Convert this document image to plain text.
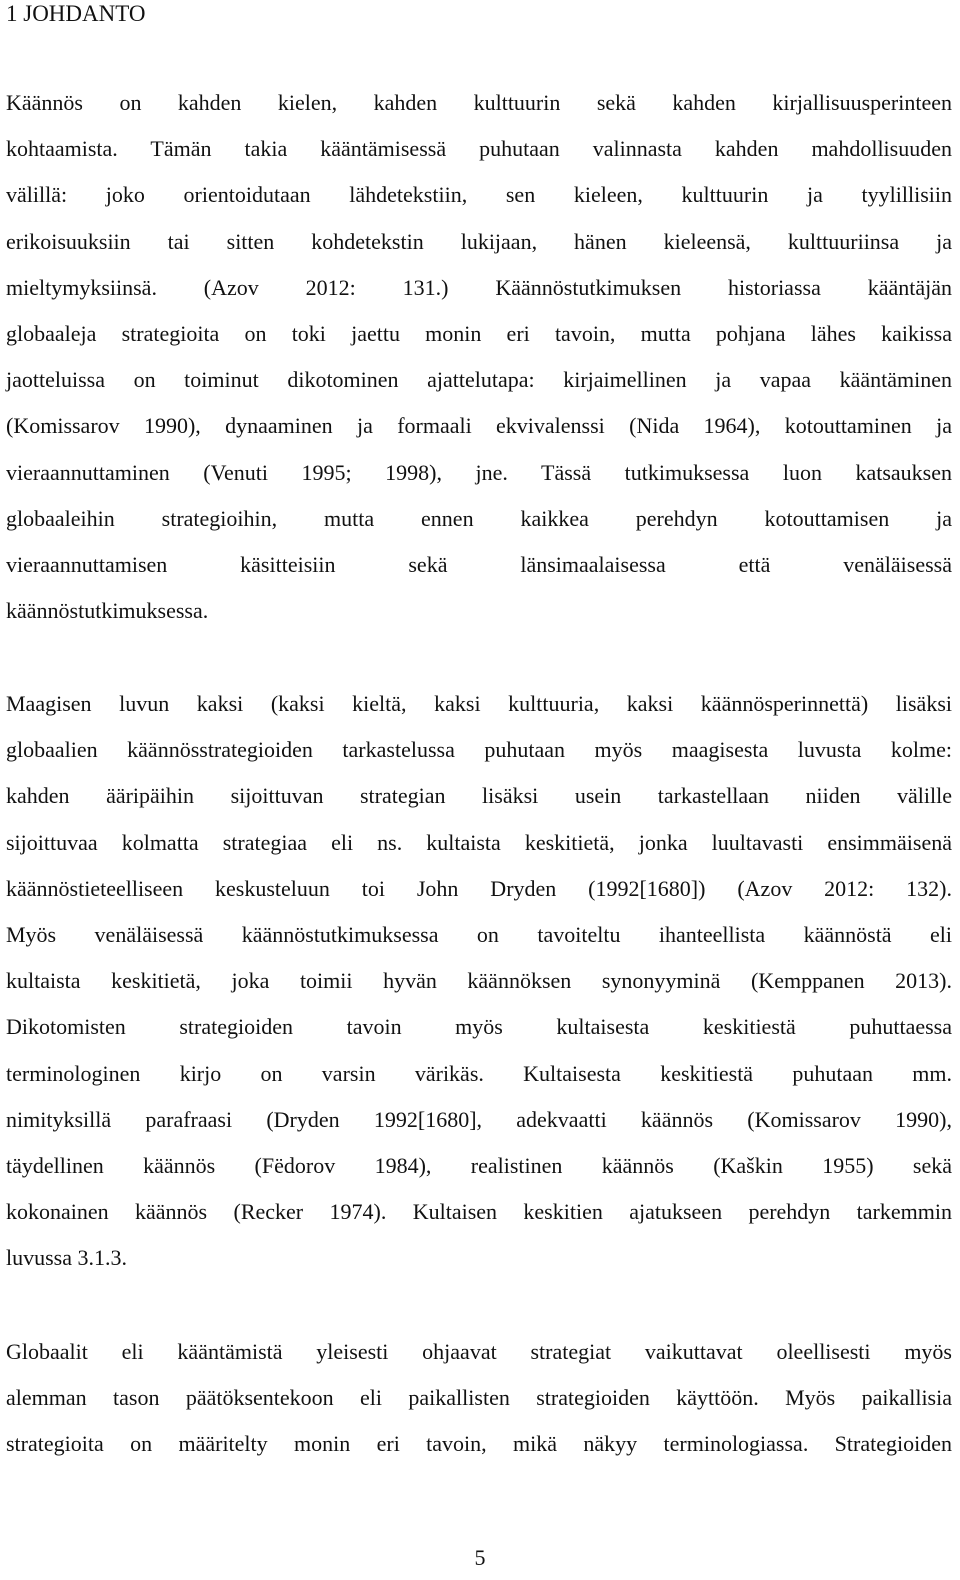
1 JOHDANTO
Käännös on kahden kielen, kahden kulttuurin sekä kahden kirjallisuusperinteen
kohtaamista. Tämän takia kääntämisessä puhutaan valinnasta kahden mahdollisuuden
välillä: joko orientoidutaan lähdetekstiin, sen kieleen, kulttuurin ja tyylillisiin
erikoisuuksiin tai sitten kohdetekstin lukijaan, hänen kieleensä, kulttuuriinsa ja
mieltymyksiinsä. (Azov 2012: 131.) Käännöstutkimuksen historiassa kääntäjän
globaaleja strategioita on toki jaettu monin eri tavoin, mutta pohjana lähes kaikissa
jaotteluissa on toiminut dikotominen ajattelutapa: kirjaimellinen ja vapaa kääntäminen
(Komissarov 1990), dynaaminen ja formaali ekvivalenssi (Nida 1964), kotouttaminen ja
vieraannuttaminen (Venuti 1995; 1998), jne. Tässä tutkimuksessa luon katsauksen
globaaleihin strategioihin, mutta ennen kaikkea perehdyn kotouttamisen ja
vieraannuttamisen käsitteisiin sekä länsimaalaisessa että venäläisessä
käännöstutkimuksessa.
Maagisen luvun kaksi (kaksi kieltä, kaksi kulttuuria, kaksi käännösperinnettä) lisäksi
globaalien käännösstrategioiden tarkastelussa puhutaan myös maagisesta luvusta kolme:
kahden ääripäihin sijoittuvan strategian lisäksi usein tarkastellaan niiden välille
sijoittuvaa kolmatta strategiaa eli ns. kultaista keskitietä, jonka luultavasti ensimmäisenä
käännöstieteelliseen keskusteluun toi John Dryden (1992[1680]) (Azov 2012: 132).
Myös venäläisessä käännöstutkimuksessa on tavoiteltu ihanteellista käännöstä eli
kultaista keskitietä, joka toimii hyvän käännöksen synonyyminä (Kemppanen 2013).
Dikotomisten strategioiden tavoin myös kultaisesta keskitiestä puhuttaessa
terminologinen kirjo on varsin värikäs. Kultaisesta keskitiestä puhutaan mm.
nimityksillä parafraasi (Dryden 1992[1680], adekvaatti käännös (Komissarov 1990),
täydellinen käännös (Fëdorov 1984), realistinen käännös (Kaškin 1955) sekä
kokonainen käännös (Recker 1974). Kultaisen keskitien ajatukseen perehdyn tarkemmin
luvussa 3.1.3.
Globaalit eli kääntämistä yleisesti ohjaavat strategiat vaikuttavat oleellisesti myös
alemman tason päätöksentekoon eli paikallisten strategioiden käyttöön. Myös paikallisia
strategioita on määritelty monin eri tavoin, mikä näkyy terminologiassa. Strategioiden
5
